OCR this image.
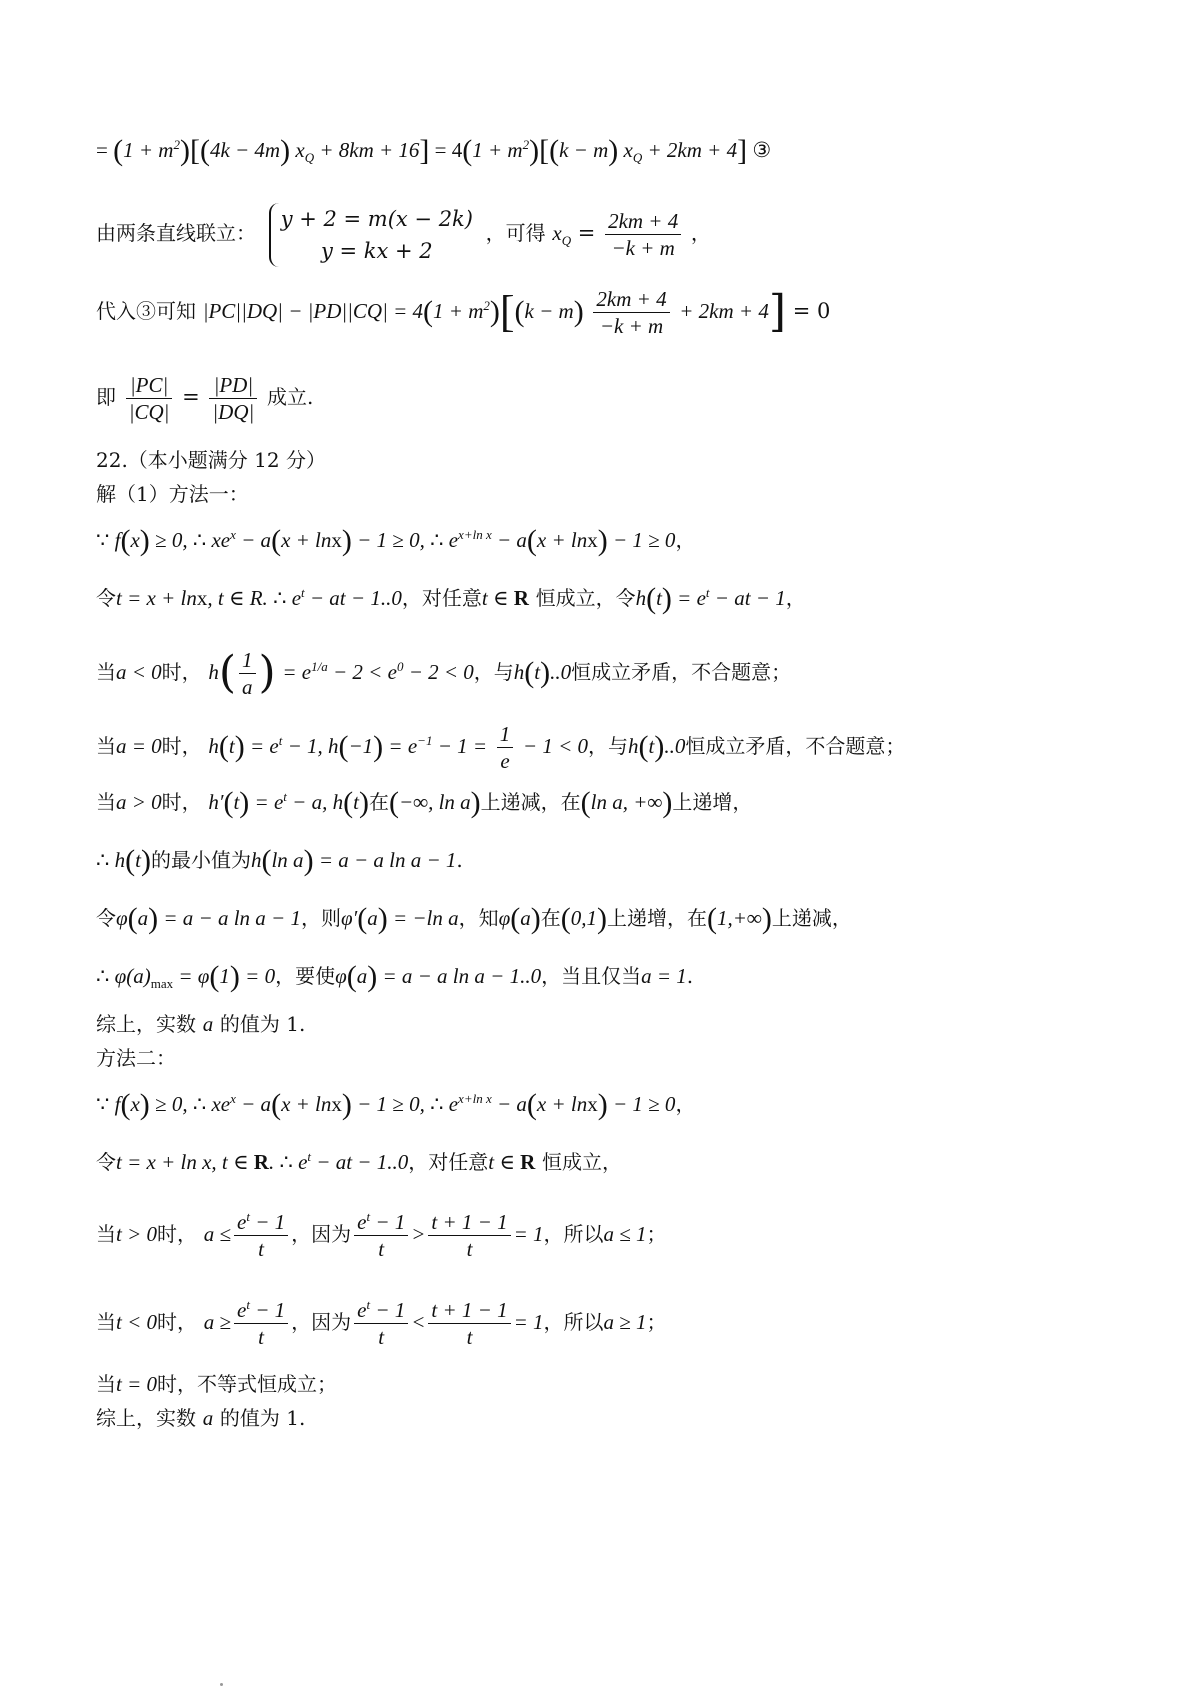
= $(1 + m^2)[(4k - 4m)$ $x_Q + 8km + 16] = 4(1 + m^2)[(k - m) x_Q + 2km + 4]$ ③
由两条直线联立：
y + 2 = m(x − 2k)
y = kx + 2
，可得 $x_Q = \frac{2km + 4}{-k + m}$ ，
代入③可知 $|PC||DQ| - |PD||CQ| = 4(1 + m^2)[(k - m) \frac{2km + 4}{-k + m} + 2km + 4] = 0$
即 $\frac{|PC|}{|CQ|} = \frac{|PD|}{|DQ|}$ 成立.
22.（本小题满分 12 分）
解（1）方法一：
∵ f(x) ≥ 0, ∴ $xe^x - a(x + \ln x) - 1 \ge 0$, ∴ $e^{x+ln x} - a(x + \ln x) - 1 \ge 0$，
令t = x + lnx, t ∈ R. ∴ $e^t$ − at − 1..0，对任意t ∈ R 恒成立，令$h(t) = e^t$ − at − 1，
当a < 0时， $h( \frac{1}{a}$ ) = $e^{1/a} - 2 < e^0 - 2 < 0$，与h(t)..0恒成立矛盾，不合题意；
当a = 0时， $h(t) = e^t - 1$, $h(-1) = e^{-1} - 1 = \frac{1}{e} - 1 < 0$，与h(t)..0恒成立矛盾，不合题意；
当a > 0时， $h'(t) = e^t - a$, h(t)在(−∞, ln a)上递减，在(ln a, +∞)上递增，
∴ h(t)的最小值为h(ln a) = a − a ln a − 1.
令φ(a) = a − a ln a − 1，则φ′(a) = −ln a，知φ(a)在(0,1)上递增，在(1,+∞)上递减，
∴ $\varphi(a)_{max} = \varphi(1) = 0$，要使φ(a) = a − a ln a − 1..0，当且仅当a = 1.
综上，实数 a 的值为 1.
方法二：
∵ f(x) ≥ 0, ∴ $xe^x - a(x + \ln x) - 1 \ge 0$, ∴ $e^{x+ln x} - a(x + \ln x) - 1 \ge 0$，
令t = x + ln x, t ∈ R. ∴ $e^t$ − at − 1..0，对任意t ∈ R 恒成立，
当t > 0时， $a \le \frac{e^t - 1}{t}$ ，因为 $\frac{e^t - 1}{t} > \frac{t + 1 - 1}{t} = 1$，所以a ≤ 1；
当t < 0时， $a \ge \frac{e^t - 1}{t}$ ，因为 $\frac{e^t - 1}{t} < \frac{t + 1 - 1}{t} = 1$，所以a ≥ 1；
当t = 0时，不等式恒成立；
综上，实数 a 的值为 1.
